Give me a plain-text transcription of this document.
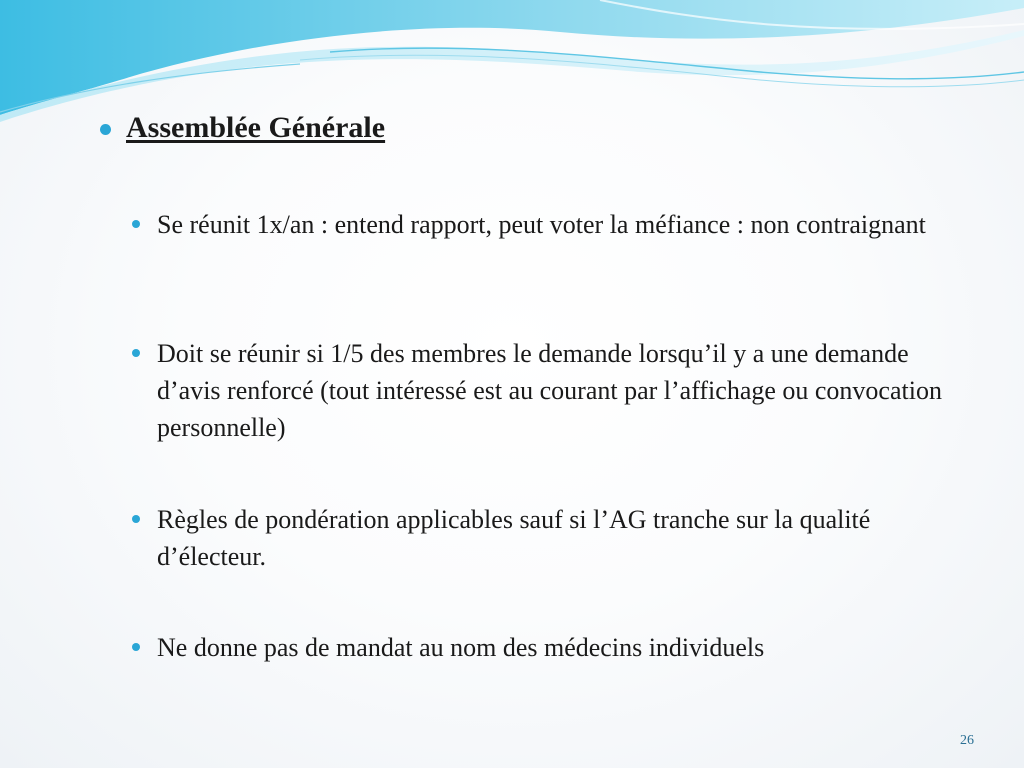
Assemblée Générale
Se réunit 1x/an : entend rapport, peut voter la méfiance : non contraignant
Doit se réunir si 1/5 des membres le demande lorsqu’il y a une demande d’avis renforcé (tout intéressé est au courant par l’affichage ou convocation personnelle)
Règles de pondération applicables sauf si l’AG tranche sur la qualité d’électeur.
Ne donne pas de mandat au nom des médecins individuels
26
